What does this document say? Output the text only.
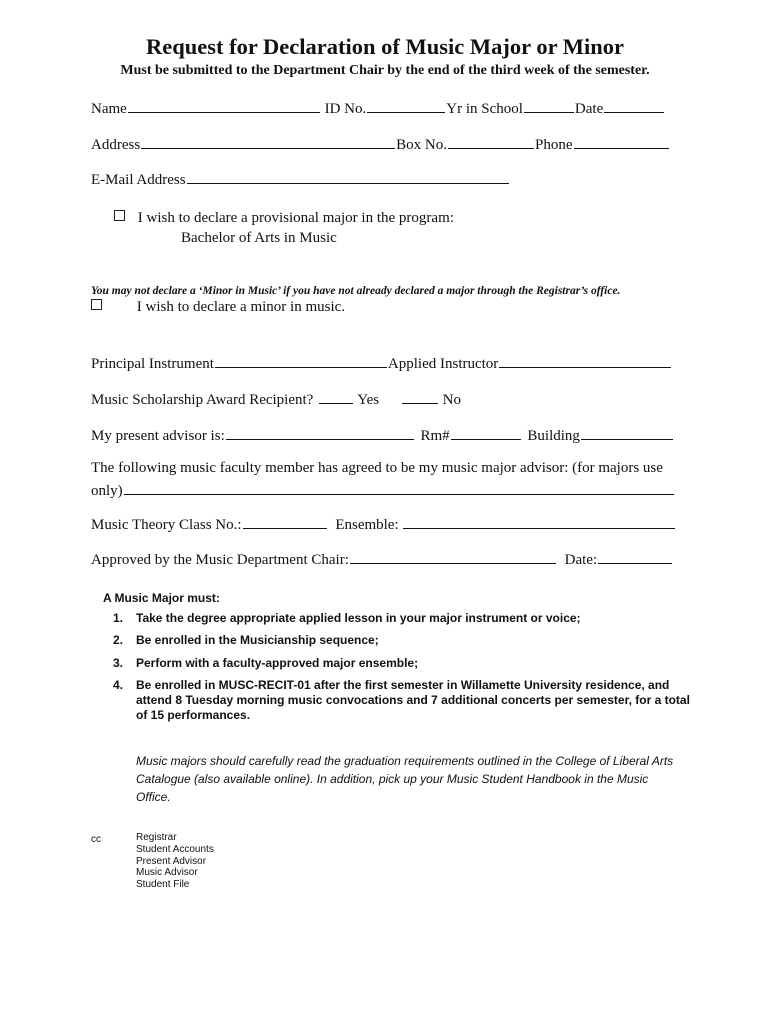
Request for Declaration of Music Major or Minor
Must be submitted to the Department Chair by the end of the third week of the semester.
Name	ID No.	Yr in School	Date
Address	Box No.	Phone
E-Mail Address
I wish to declare a provisional major in the program:
Bachelor of Arts in Music
You may not declare a ‘Minor in Music’ if you have not already declared a major through the Registrar’s office.
I wish to declare a minor in music.
Principal Instrument	Applied Instructor
Music Scholarship Award Recipient?	Yes	No
My present advisor is:	Rm#	Building
The following music faculty member has agreed to be my music major advisor: (for majors use
only)
Music Theory Class No.:	Ensemble:
Approved by the Music Department Chair:	Date:
A Music Major must:
1.	Take the degree appropriate applied lesson in your major instrument or voice;
2.	Be enrolled in the Musicianship sequence;
3.	Perform with a faculty-approved major ensemble;
4.	Be enrolled in MUSC-RECIT-01 after the first semester in Willamette University residence, and attend 8 Tuesday morning music convocations and 7 additional concerts per semester, for a total of 15 performances.
Music majors should carefully read the graduation requirements outlined in the College of Liberal Arts Catalogue (also available online). In addition, pick up your Music Student Handbook in the Music Office.
cc	Registrar
Student Accounts
Present Advisor
Music Advisor
Student File
